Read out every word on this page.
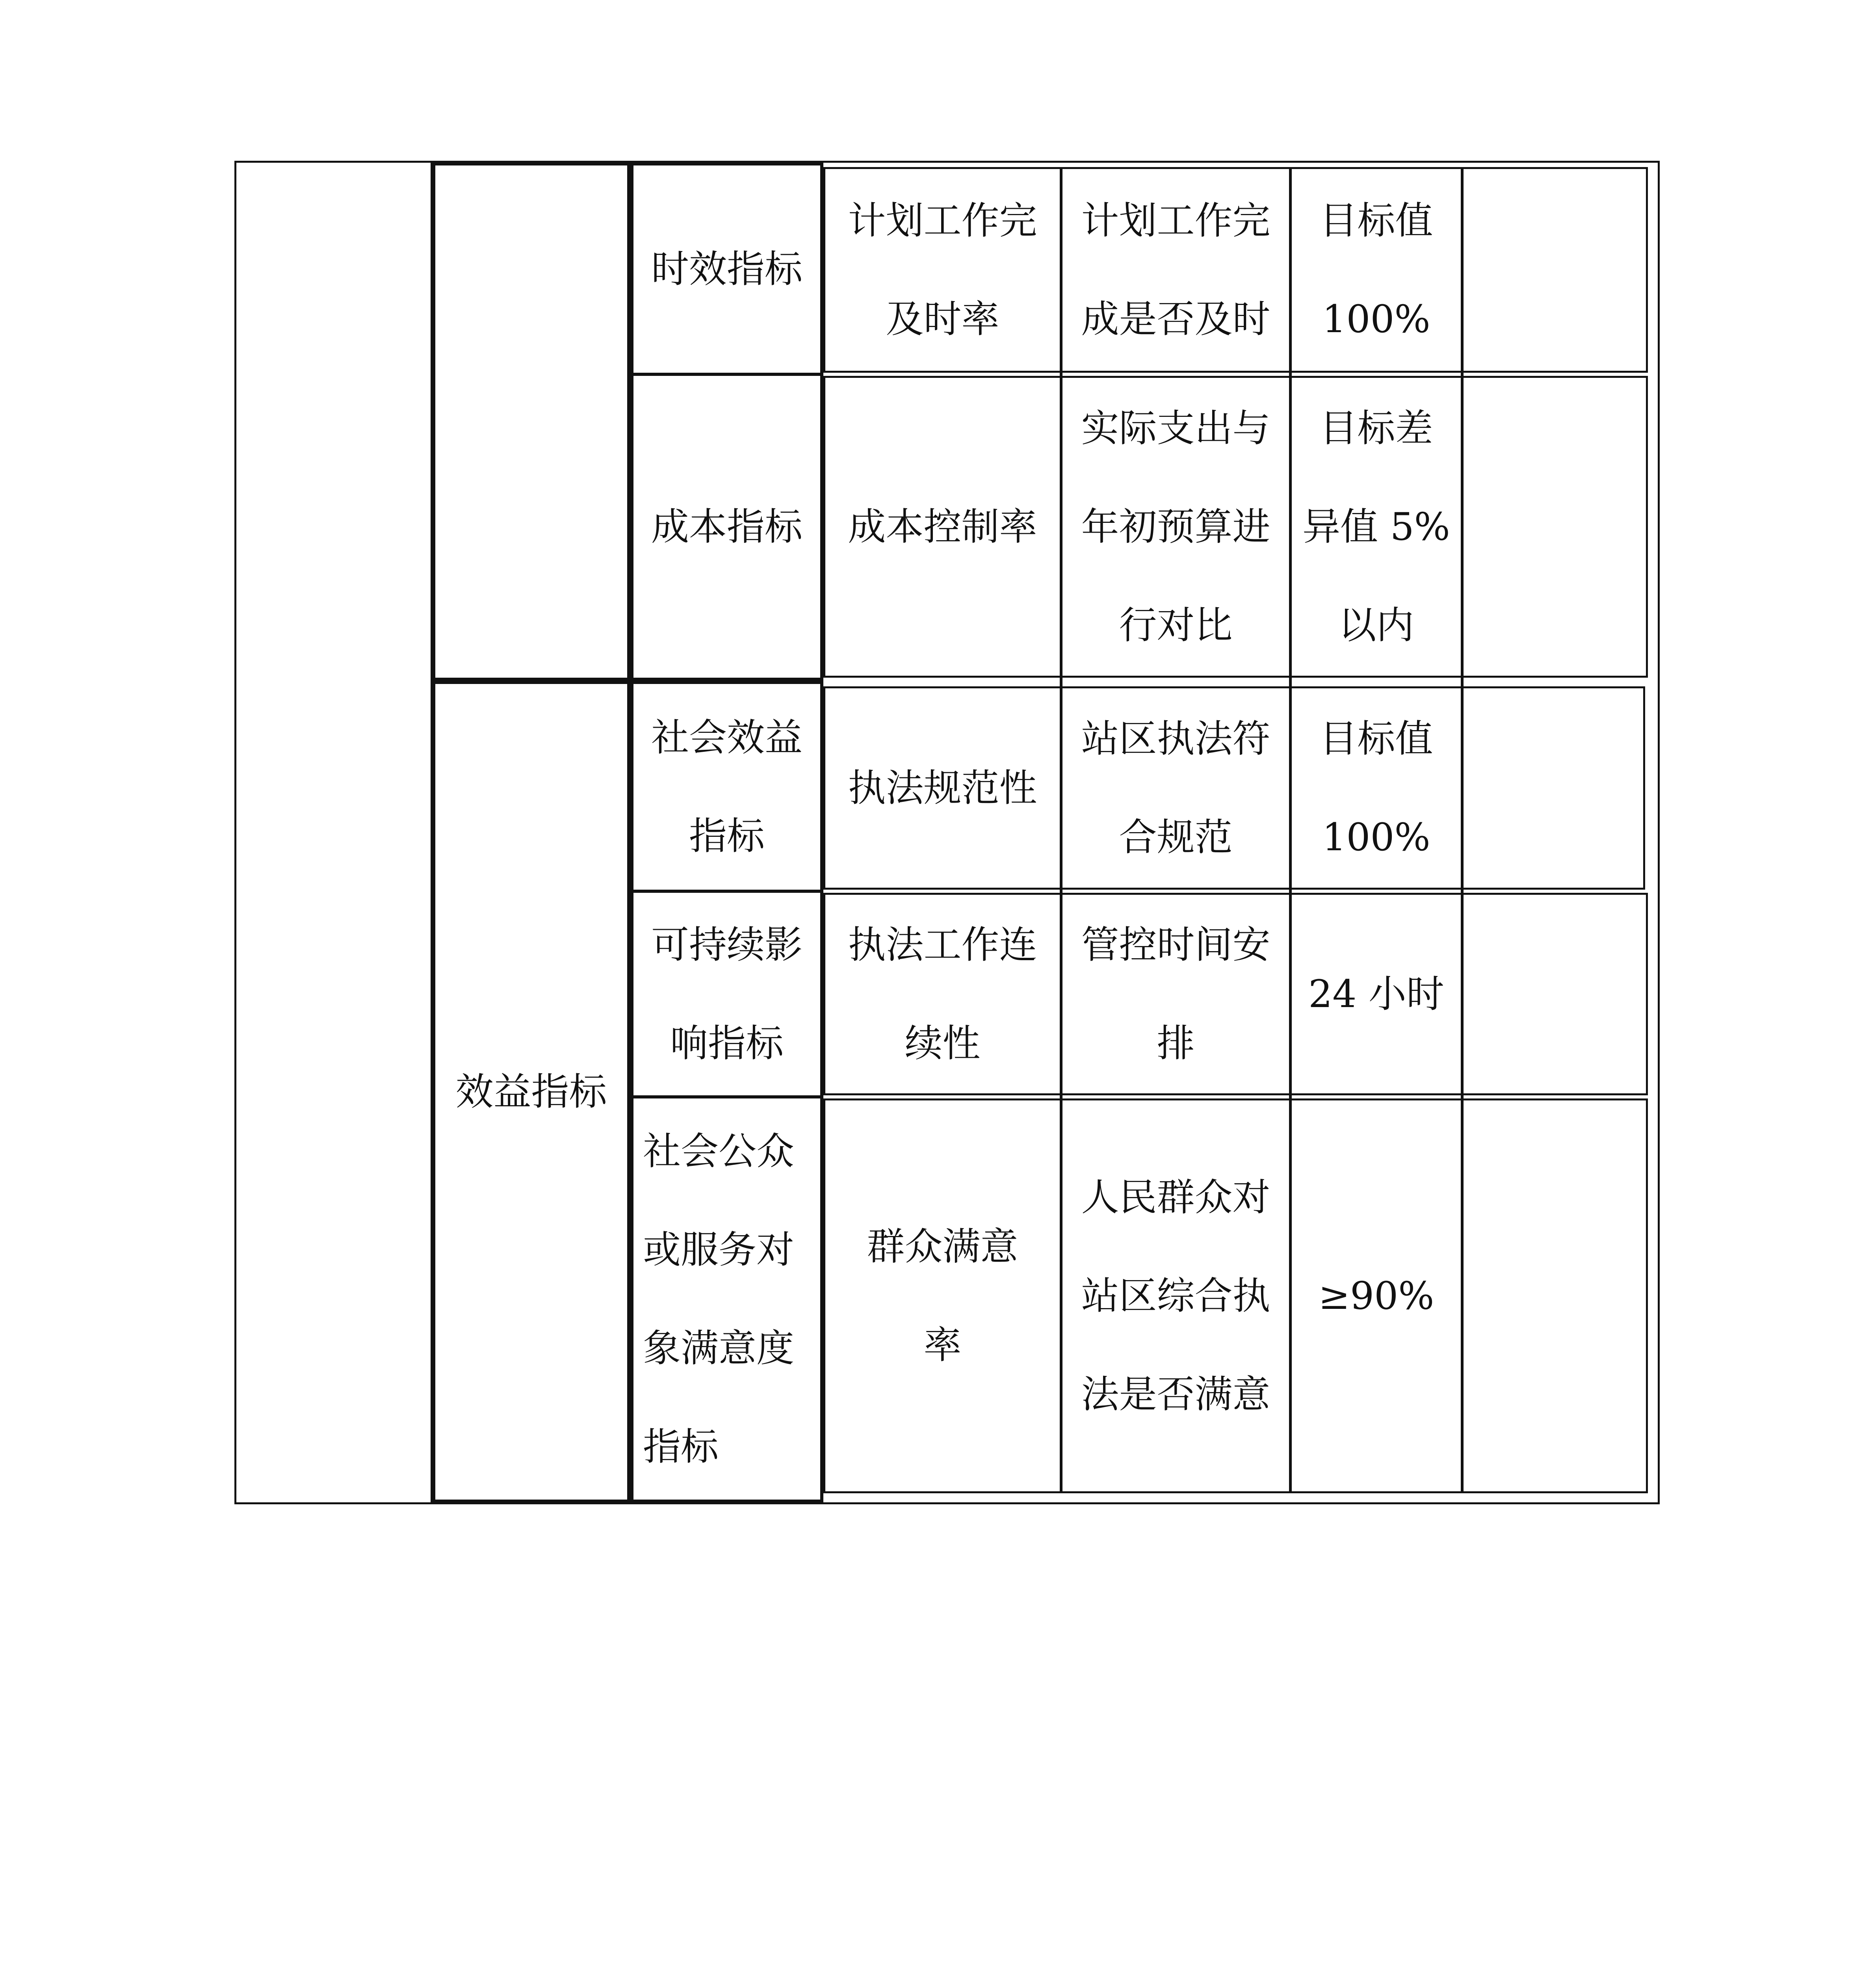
效益指标
时效指标
计划工作完
及时率
计划工作完
成是否及时
目标值
100%
成本指标	成本控制率
实际支出与
年初预算进
行对比
目标差
异值 5%
以内
社会效益
指标
执法规范性
站区执法符
合规范
目标值
100%
可持续影
响指标
执法工作连
续性
管控时间安
排
24 小时
社会公众
或服务对
象满意度
指标
群众满意
率
人民群众对
站区综合执
法是否满意
≥90%
